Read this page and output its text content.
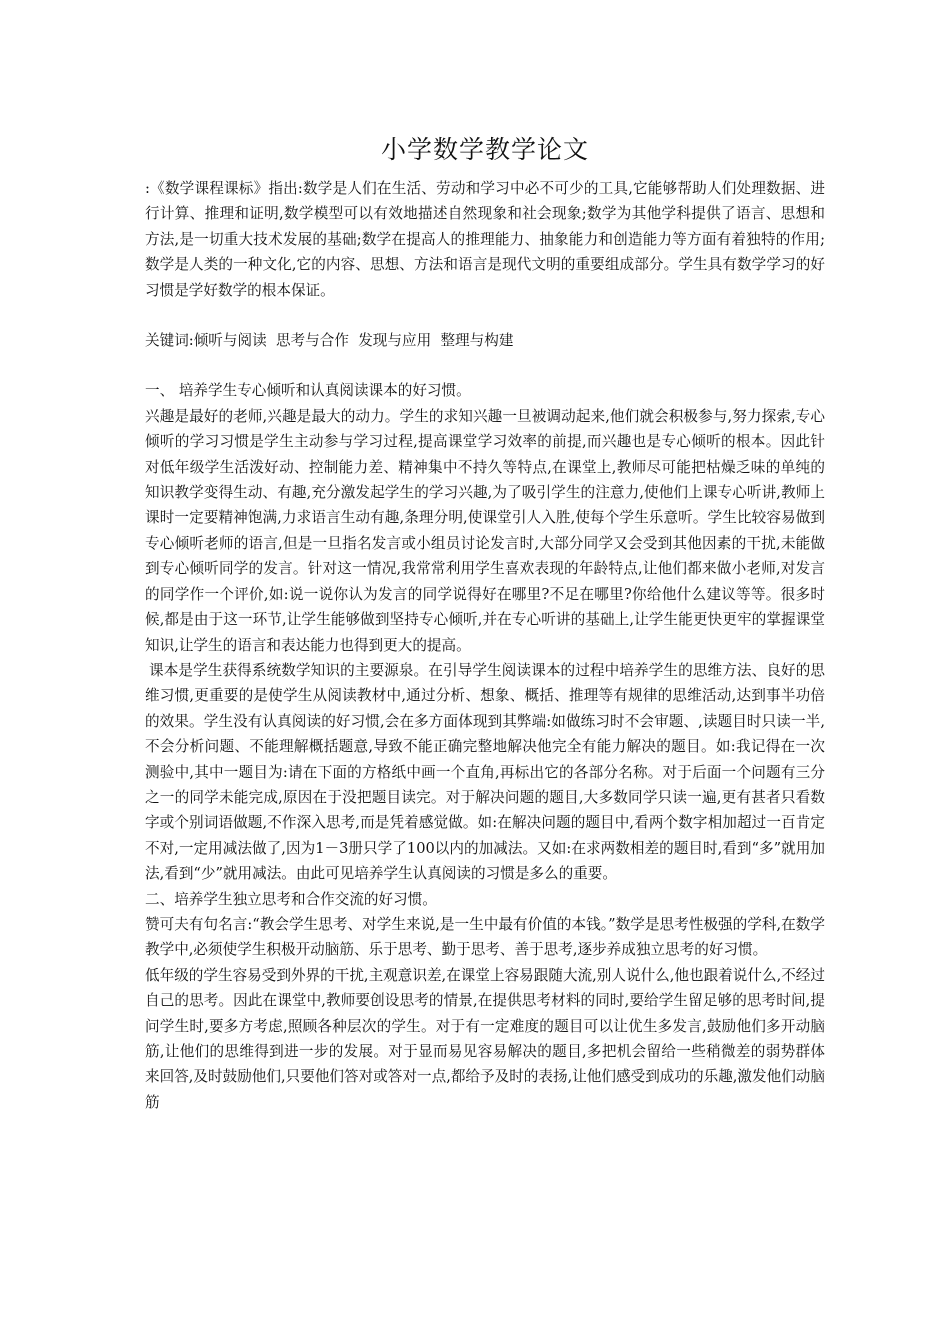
小学数学教学论文

:《数学课程课标》指出:数学是人们在生活、劳动和学习中必不可少的工具,它能够帮助人们处理数据、进行计算、推理和证明,数学模型可以有效地描述自然现象和社会现象;数学为其他学科提供了语言、思想和方法,是一切重大技术发展的基础;数学在提高人的推理能力、抽象能力和创造能力等方面有着独特的作用;数学是人类的一种文化,它的内容、思想、方法和语言是现代文明的重要组成部分。学生具有数学学习的好习惯是学好数学的根本保证。

关键词:倾听与阅读  思考与合作  发现与应用  整理与构建

一、 培养学生专心倾听和认真阅读课本的好习惯。

兴趣是最好的老师,兴趣是最大的动力。学生的求知兴趣一旦被调动起来,他们就会积极参与,努力探索,专心倾听的学习习惯是学生主动参与学习过程,提高课堂学习效率的前提,而兴趣也是专心倾听的根本。因此针对低年级学生活泼好动、控制能力差、精神集中不持久等特点,在课堂上,教师尽可能把枯燥乏味的单纯的知识教学变得生动、有趣,充分激发起学生的学习兴趣,为了吸引学生的注意力,使他们上课专心听讲,教师上课时一定要精神饱满,力求语言生动有趣,条理分明,使课堂引人入胜,使每个学生乐意听。学生比较容易做到专心倾听老师的语言,但是一旦指名发言或小组员讨论发言时,大部分同学又会受到其他因素的干扰,未能做到专心倾听同学的发言。针对这一情况,我常常利用学生喜欢表现的年龄特点,让他们都来做小老师,对发言的同学作一个评价,如:说一说你认为发言的同学说得好在哪里?不足在哪里?你给他什么建议等等。很多时候,都是由于这一环节,让学生能够做到坚持专心倾听,并在专心听讲的基础上,让学生能更快更牢的掌握课堂知识,让学生的语言和表达能力也得到更大的提高。

课本是学生获得系统数学知识的主要源泉。在引导学生阅读课本的过程中培养学生的思维方法、良好的思维习惯,更重要的是使学生从阅读教材中,通过分析、想象、概括、推理等有规律的思维活动,达到事半功倍的效果。学生没有认真阅读的好习惯,会在多方面体现到其弊端:如做练习时不会审题、,读题目时只读一半,不会分析问题、不能理解概括题意,导致不能正确完整地解决他完全有能力解决的题目。如:我记得在一次测验中,其中一题目为:请在下面的方格纸中画一个直角,再标出它的各部分名称。对于后面一个问题有三分之一的同学未能完成,原因在于没把题目读完。对于解决问题的题目,大多数同学只读一遍,更有甚者只看数字或个别词语做题,不作深入思考,而是凭着感觉做。如:在解决问题的题目中,看两个数字相加超过一百肯定不对,一定用减法做了,因为1－3册只学了100以内的加减法。又如:在求两数相差的题目时,看到“多”就用加法,看到“少”就用减法。由此可见培养学生认真阅读的习惯是多么的重要。

二、培养学生独立思考和合作交流的好习惯。

赞可夫有句名言:“教会学生思考、对学生来说,是一生中最有价值的本钱。”数学是思考性极强的学科,在数学教学中,必须使学生积极开动脑筋、乐于思考、勤于思考、善于思考,逐步养成独立思考的好习惯。

低年级的学生容易受到外界的干扰,主观意识差,在课堂上容易跟随大流,别人说什么,他也跟着说什么,不经过自己的思考。因此在课堂中,教师要创设思考的情景,在提供思考材料的同时,要给学生留足够的思考时间,提问学生时,要多方考虑,照顾各种层次的学生。对于有一定难度的题目可以让优生多发言,鼓励他们多开动脑筋,让他们的思维得到进一步的发展。对于显而易见容易解决的题目,多把机会留给一些稍微差的弱势群体来回答,及时鼓励他们,只要他们答对或答对一点,都给予及时的表扬,让他们感受到成功的乐趣,激发他们动脑筋
